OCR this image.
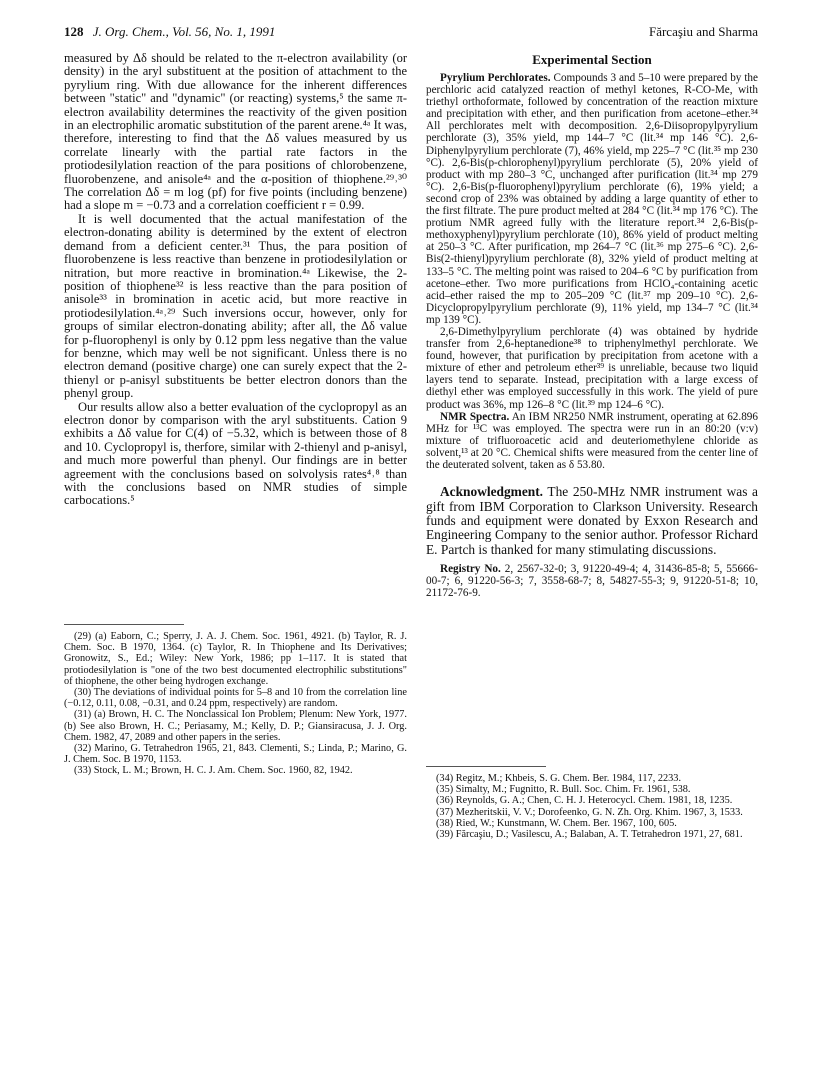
128 J. Org. Chem., Vol. 56, No. 1, 1991	Fărcaşiu and Sharma

measured by Δδ should be related to the π-electron availability (or density) in the aryl substituent at the position of attachment to the pyrylium ring. With due allowance for the inherent differences between "static" and "dynamic" (or reacting) systems,⁵ the same π-electron availability determines the reactivity of the given position in an electrophilic aromatic substitution of the parent arene.⁴ᵃ It was, therefore, interesting to find that the Δδ values measured by us correlate linearly with the partial rate factors in the protiodesilylation reaction of the para positions of chlorobenzene, fluorobenzene, and anisole⁴ᵃ and the α-position of thiophene.²⁹˒³⁰ The correlation Δδ = m log (pf) for five points (including benzene) had a slope m = −0.73 and a correlation coefficient r = 0.99.

It is well documented that the actual manifestation of the electron-donating ability is determined by the extent of electron demand from a deficient center.³¹ Thus, the para position of fluorobenzene is less reactive than benzene in protiodesilylation or nitration, but more reactive in bromination.⁴ᵃ Likewise, the 2-position of thiophene³² is less reactive than the para position of anisole³³ in bromination in acetic acid, but more reactive in protiodesilylation.⁴ᵃ˒²⁹ Such inversions occur, however, only for groups of similar electron-donating ability; after all, the Δδ value for p-fluorophenyl is only by 0.12 ppm less negative than the value for benzne, which may well be not significant. Unless there is no electron demand (positive charge) one can surely expect that the 2-thienyl or p-anisyl substituents be better electron donors than the phenyl group.

Our results allow also a better evaluation of the cyclopropyl as an electron donor by comparison with the aryl substituents. Cation 9 exhibits a Δδ value for C(4) of −5.32, which is between those of 8 and 10. Cyclopropyl is, therfore, similar with 2-thienyl and p-anisyl, and much more powerful than phenyl. Our findings are in better agreement with the conclusions based on solvolysis rates⁴˒⁸ than with the conclusions based on NMR studies of simple carbocations.⁵

(29) (a) Eaborn, C.; Sperry, J. A. J. Chem. Soc. 1961, 4921. (b) Taylor, R. J. Chem. Soc. B 1970, 1364. (c) Taylor, R. In Thiophene and Its Derivatives; Gronowitz, S., Ed.; Wiley: New York, 1986; pp 1–117. It is stated that protiodesilylation is "one of the two best documented electrophilic substitutions" of thiophene, the other being hydrogen exchange.

(30) The deviations of individual points for 5–8 and 10 from the correlation line (−0.12, 0.11, 0.08, −0.31, and 0.24 ppm, respectively) are random.

(31) (a) Brown, H. C. The Nonclassical Ion Problem; Plenum: New York, 1977. (b) See also Brown, H. C.; Periasamy, M.; Kelly, D. P.; Giansiracusa, J. J. Org. Chem. 1982, 47, 2089 and other papers in the series.

(32) Marino, G. Tetrahedron 1965, 21, 843. Clementi, S.; Linda, P.; Marino, G. J. Chem. Soc. B 1970, 1153.

(33) Stock, L. M.; Brown, H. C. J. Am. Chem. Soc. 1960, 82, 1942.

Experimental Section

Pyrylium Perchlorates. Compounds 3 and 5–10 were prepared by the perchloric acid catalyzed reaction of methyl ketones, R-CO-Me, with triethyl orthoformate, followed by concentration of the reaction mixture and precipitation with ether, and then purification from acetone–ether.³⁴ All perchlorates melt with decomposition. 2,6-Diisopropylpyrylium perchlorate (3), 35% yield, mp 144–7 °C (lit.³⁴ mp 146 °C). 2,6-Diphenylpyrylium perchlorate (7), 46% yield, mp 225–7 °C (lit.³⁵ mp 230 °C). 2,6-Bis(p-chlorophenyl)pyrylium perchlorate (5), 20% yield of product with mp 280–3 °C, unchanged after purification (lit.³⁴ mp 279 °C). 2,6-Bis(p-fluorophenyl)pyrylium perchlorate (6), 19% yield; a second crop of 23% was obtained by adding a large quantity of ether to the first filtrate. The pure product melted at 284 °C (lit.³⁴ mp 176 °C). The protium NMR agreed fully with the literature report.³⁴ 2,6-Bis(p-methoxyphenyl)pyrylium perchlorate (10), 86% yield of product melting at 250–3 °C. After purification, mp 264–7 °C (lit.³⁶ mp 275–6 °C). 2,6-Bis(2-thienyl)pyrylium perchlorate (8), 32% yield of product melting at 133–5 °C. The melting point was raised to 204–6 °C by purification from acetone–ether. Two more purifications from HClO₄-containing acetic acid–ether raised the mp to 205–209 °C (lit.³⁷ mp 209–10 °C). 2,6-Dicyclopropylpyrylium perchlorate (9), 11% yield, mp 134–7 °C (lit.³⁴ mp 139 °C).

2,6-Dimethylpyrylium perchlorate (4) was obtained by hydride transfer from 2,6-heptanedione³⁸ to triphenylmethyl perchlorate. We found, however, that purification by precipitation from acetone with a mixture of ether and petroleum ether³⁹ is unreliable, because two liquid layers tend to separate. Instead, precipitation with a large excess of diethyl ether was employed successfully in this work. The yield of pure product was 36%, mp 126–8 °C (lit.³⁹ mp 124–6 °C).

NMR Spectra. An IBM NR250 NMR instrument, operating at 62.896 MHz for ¹³C was employed. The spectra were run in an 80:20 (v:v) mixture of trifluoroacetic acid and deuteriomethylene chloride as solvent,¹³ at 20 °C. Chemical shifts were measured from the center line of the deuterated solvent, taken as δ 53.80.

Acknowledgment. The 250-MHz NMR instrument was a gift from IBM Corporation to Clarkson University. Research funds and equipment were donated by Exxon Research and Engineering Company to the senior author. Professor Richard E. Partch is thanked for many stimulating discussions.

Registry No. 2, 2567-32-0; 3, 91220-49-4; 4, 31436-85-8; 5, 55666-00-7; 6, 91220-56-3; 7, 3558-68-7; 8, 54827-55-3; 9, 91220-51-8; 10, 21172-76-9.

(34) Regitz, M.; Khbeis, S. G. Chem. Ber. 1984, 117, 2233.

(35) Simalty, M.; Fugnitto, R. Bull. Soc. Chim. Fr. 1961, 538.

(36) Reynolds, G. A.; Chen, C. H. J. Heterocycl. Chem. 1981, 18, 1235.

(37) Mezheritskii, V. V.; Dorofeenko, G. N. Zh. Org. Khim. 1967, 3, 1533.

(38) Ried, W.; Kunstmann, W. Chem. Ber. 1967, 100, 605.

(39) Fărcaşiu, D.; Vasilescu, A.; Balaban, A. T. Tetrahedron 1971, 27, 681.
